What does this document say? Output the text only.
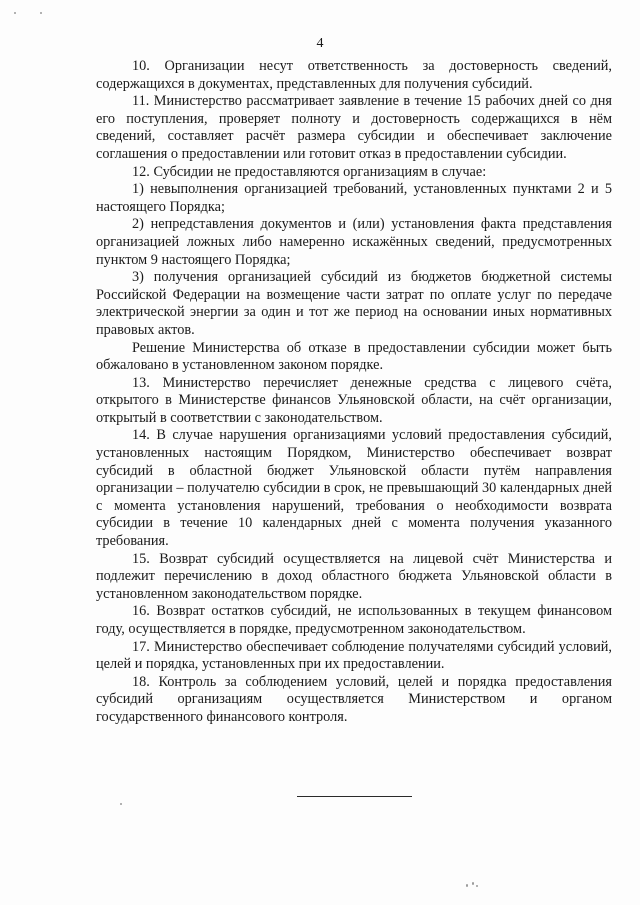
4

10. Организации несут ответственность за достоверность сведений, содержащихся в документах, представленных для получения субсидий.

11. Министерство рассматривает заявление в течение 15 рабочих дней со дня его поступления, проверяет полноту и достоверность содержащихся в нём сведений, составляет расчёт размера субсидии и обеспечивает заключение соглашения о предоставлении или готовит отказ в предоставлении субсидии.

12. Субсидии не предоставляются организациям в случае:

1) невыполнения организацией требований, установленных пунктами 2 и 5 настоящего Порядка;

2) непредставления документов и (или) установления факта представления организацией ложных либо намеренно искажённых сведений, предусмотренных пунктом 9 настоящего Порядка;

3) получения организацией субсидий из бюджетов бюджетной системы Российской Федерации на возмещение части затрат по оплате услуг по передаче электрической энергии за один и тот же период на основании иных нормативных правовых актов.

Решение Министерства об отказе в предоставлении субсидии может быть обжаловано в установленном законом порядке.

13. Министерство перечисляет денежные средства с лицевого счёта, открытого в Министерстве финансов Ульяновской области, на счёт организации, открытый в соответствии с законодательством.

14. В случае нарушения организациями условий предоставления субсидий, установленных настоящим Порядком, Министерство обеспечивает возврат субсидий в областной бюджет Ульяновской области путём направления организации – получателю субсидии в срок, не превышающий 30 календарных дней с момента установления нарушений, требования о необходимости возврата субсидии в течение 10 календарных дней с момента получения указанного требования.

15. Возврат субсидий осуществляется на лицевой счёт Министерства и подлежит перечислению в доход областного бюджета Ульяновской области в установленном законодательством порядке.

16. Возврат остатков субсидий, не использованных в текущем финансовом году, осуществляется в порядке, предусмотренном законодательством.

17. Министерство обеспечивает соблюдение получателями субсидий условий, целей и порядка, установленных при их предоставлении.

18. Контроль за соблюдением условий, целей и порядка предоставления субсидий организациям осуществляется Министерством и органом государственного финансового контроля.
